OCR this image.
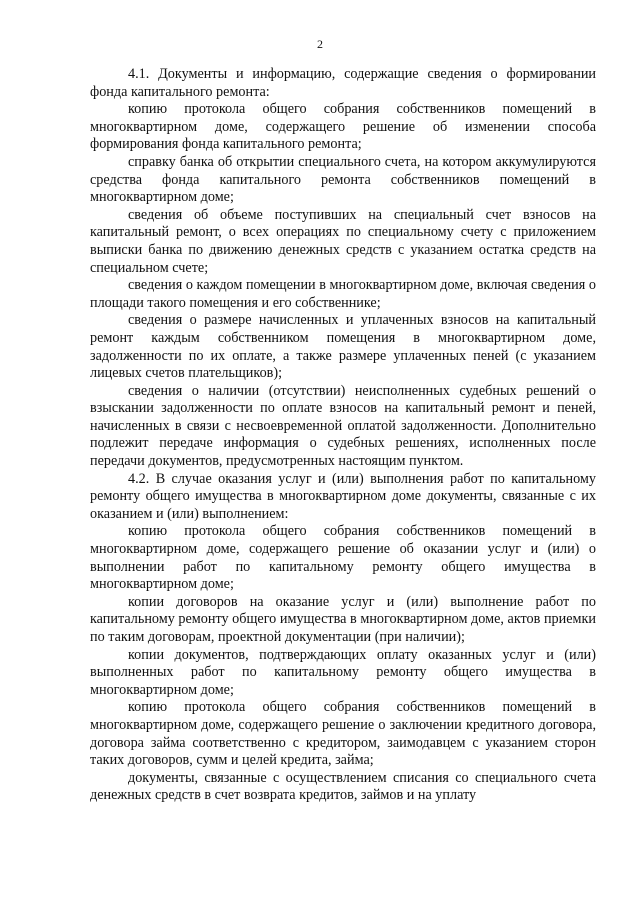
2

4.1. Документы и информацию, содержащие сведения о формировании фонда капитального ремонта:

копию протокола общего собрания собственников помещений в многоквартирном доме, содержащего решение об изменении способа формирования фонда капитального ремонта;

справку банка об открытии специального счета, на котором аккумулируются средства фонда капитального ремонта собственников помещений в многоквартирном доме;

сведения об объеме поступивших на специальный счет взносов на капитальный ремонт, о всех операциях по специальному счету с приложением выписки банка по движению денежных средств с указанием остатка средств на специальном счете;

сведения о каждом помещении в многоквартирном доме, включая сведения о площади такого помещения и его собственнике;

сведения о размере начисленных и уплаченных взносов на капитальный ремонт каждым собственником помещения в многоквартирном доме, задолженности по их оплате, а также размере уплаченных пеней (с указанием лицевых счетов плательщиков);

сведения о наличии (отсутствии) неисполненных судебных решений о взыскании задолженности по оплате взносов на капитальный ремонт и пеней, начисленных в связи с несвоевременной оплатой задолженности. Дополнительно подлежит передаче информация о судебных решениях, исполненных после передачи документов, предусмотренных настоящим пунктом.

4.2. В случае оказания услуг и (или) выполнения работ по капитальному ремонту общего имущества в многоквартирном доме документы, связанные с их оказанием и (или) выполнением:

копию протокола общего собрания собственников помещений в многоквартирном доме, содержащего решение об оказании услуг и (или) о выполнении работ по капитальному ремонту общего имущества в многоквартирном доме;

копии договоров на оказание услуг и (или) выполнение работ по капитальному ремонту общего имущества в многоквартирном доме, актов приемки по таким договорам, проектной документации (при наличии);

копии документов, подтверждающих оплату оказанных услуг и (или) выполненных работ по капитальному ремонту общего имущества в многоквартирном доме;

копию протокола общего собрания собственников помещений в многоквартирном доме, содержащего решение о заключении кредитного договора, договора займа соответственно с кредитором, заимодавцем с указанием сторон таких договоров, сумм и целей кредита, займа;

документы, связанные с осуществлением списания со специального счета денежных средств в счет возврата кредитов, займов и на уплату
